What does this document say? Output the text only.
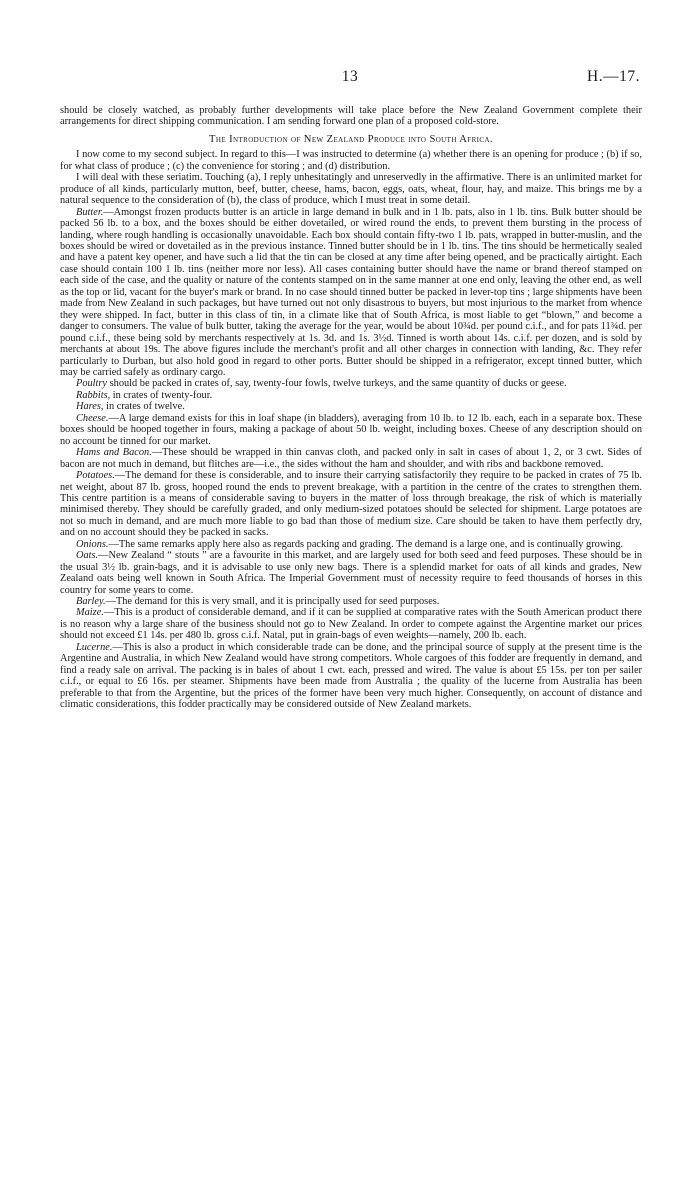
13	H.—17.

should be closely watched, as probably further developments will take place before the New Zealand Government complete their arrangements for direct shipping communication. I am sending forward one plan of a proposed cold-store.

The Introduction of New Zealand Produce into South Africa.

I now come to my second subject. In regard to this—I was instructed to determine (a) whether there is an opening for produce ; (b) if so, for what class of produce ; (c) the convenience for storing ; and (d) distribution.

I will deal with these seriatim. Touching (a), I reply unhesitatingly and unreservedly in the affirmative. There is an unlimited market for produce of all kinds, particularly mutton, beef, butter, cheese, hams, bacon, eggs, oats, wheat, flour, hay, and maize. This brings me by a natural sequence to the consideration of (b), the class of produce, which I must treat in some detail.

Butter.—Amongst frozen products butter is an article in large demand in bulk and in 1 lb. pats, also in 1 lb. tins. Bulk butter should be packed 56 lb. to a box, and the boxes should be either dovetailed, or wired round the ends, to prevent them bursting in the process of landing, where rough handling is occasionally unavoidable. Each box should contain fifty-two 1 lb. pats, wrapped in butter-muslin, and the boxes should be wired or dovetailed as in the previous instance. Tinned butter should be in 1 lb. tins. The tins should be hermetically sealed and have a patent key opener, and have such a lid that the tin can be closed at any time after being opened, and be practically airtight. Each case should contain 100 1 lb. tins (neither more nor less). All cases containing butter should have the name or brand thereof stamped on each side of the case, and the quality or nature of the contents stamped on in the same manner at one end only, leaving the other end, as well as the top or lid, vacant for the buyer's mark or brand. In no case should tinned butter be packed in lever-top tins ; large shipments have been made from New Zealand in such packages, but have turned out not only disastrous to buyers, but most injurious to the market from whence they were shipped. In fact, butter in this class of tin, in a climate like that of South Africa, is most liable to get “blown,” and become a danger to consumers. The value of bulk butter, taking the average for the year, would be about 10¾d. per pound c.i.f., and for pats 11¾d. per pound c.i.f., these being sold by merchants respectively at 1s. 3d. and 1s. 3½d. Tinned is worth about 14s. c.i.f. per dozen, and is sold by merchants at about 19s. The above figures include the merchant's profit and all other charges in connection with landing, &c. They refer particularly to Durban, but also hold good in regard to other ports. Butter should be shipped in a refrigerator, except tinned butter, which may be carried safely as ordinary cargo.

Poultry should be packed in crates of, say, twenty-four fowls, twelve turkeys, and the same quantity of ducks or geese.

Rabbits, in crates of twenty-four.

Hares, in crates of twelve.

Cheese.—A large demand exists for this in loaf shape (in bladders), averaging from 10 lb. to 12 lb. each, each in a separate box. These boxes should be hooped together in fours, making a package of about 50 lb. weight, including boxes. Cheese of any description should on no account be tinned for our market.

Hams and Bacon.—These should be wrapped in thin canvas cloth, and packed only in salt in cases of about 1, 2, or 3 cwt. Sides of bacon are not much in demand, but flitches are—i.e., the sides without the ham and shoulder, and with ribs and backbone removed.

Potatoes.—The demand for these is considerable, and to insure their carrying satisfactorily they require to be packed in crates of 75 lb. net weight, about 87 lb. gross, hooped round the ends to prevent breakage, with a partition in the centre of the crates to strengthen them. This centre partition is a means of considerable saving to buyers in the matter of loss through breakage, the risk of which is materially minimised thereby. They should be carefully graded, and only medium-sized potatoes should be selected for shipment. Large potatoes are not so much in demand, and are much more liable to go bad than those of medium size. Care should be taken to have them perfectly dry, and on no account should they be packed in sacks.

Onions.—The same remarks apply here also as regards packing and grading. The demand is a large one, and is continually growing.

Oats.—New Zealand “ stouts ” are a favourite in this market, and are largely used for both seed and feed purposes. These should be in the usual 3½ lb. grain-bags, and it is advisable to use only new bags. There is a splendid market for oats of all kinds and grades, New Zealand oats being well known in South Africa. The Imperial Government must of necessity require to feed thousands of horses in this country for some years to come.

Barley.—The demand for this is very small, and it is principally used for seed purposes.

Maize.—This is a product of considerable demand, and if it can be supplied at comparative rates with the South American product there is no reason why a large share of the business should not go to New Zealand. In order to compete against the Argentine market our prices should not exceed £1 14s. per 480 lb. gross c.i.f. Natal, put in grain-bags of even weights—namely, 200 lb. each.

Lucerne.—This is also a product in which considerable trade can be done, and the principal source of supply at the present time is the Argentine and Australia, in which New Zealand would have strong competitors. Whole cargoes of this fodder are frequently in demand, and find a ready sale on arrival. The packing is in bales of about 1 cwt. each, pressed and wired. The value is about £5 15s. per ton per sailer c.i.f., or equal to £6 16s. per steamer. Shipments have been made from Australia ; the quality of the lucerne from Australia has been preferable to that from the Argentine, but the prices of the former have been very much higher. Consequently, on account of distance and climatic considerations, this fodder practically may be considered outside of New Zealand markets.
